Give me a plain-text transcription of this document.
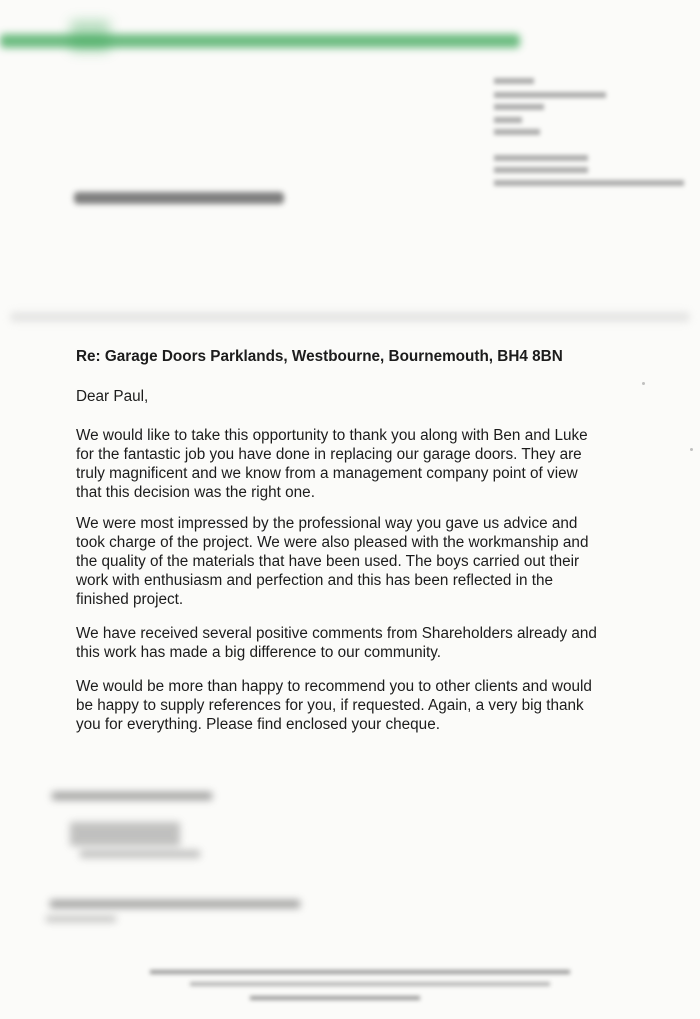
Re: Garage Doors Parklands, Westbourne, Bournemouth, BH4 8BN
Dear Paul,

We would like to take this opportunity to thank you along with Ben and Luke
for the fantastic job you have done in replacing our garage doors. They are
truly magnificent and we know from a management company point of view
that this decision was the right one.

We were most impressed by the professional way you gave us advice and
took charge of the project. We were also pleased with the workmanship and
the quality of the materials that have been used. The boys carried out their
work with enthusiasm and perfection and this has been reflected in the
finished project.

We have received several positive comments from Shareholders already and
this work has made a big difference to our community.

We would be more than happy to recommend you to other clients and would
be happy to supply references for you, if requested. Again, a very big thank
you for everything. Please find enclosed your cheque.
